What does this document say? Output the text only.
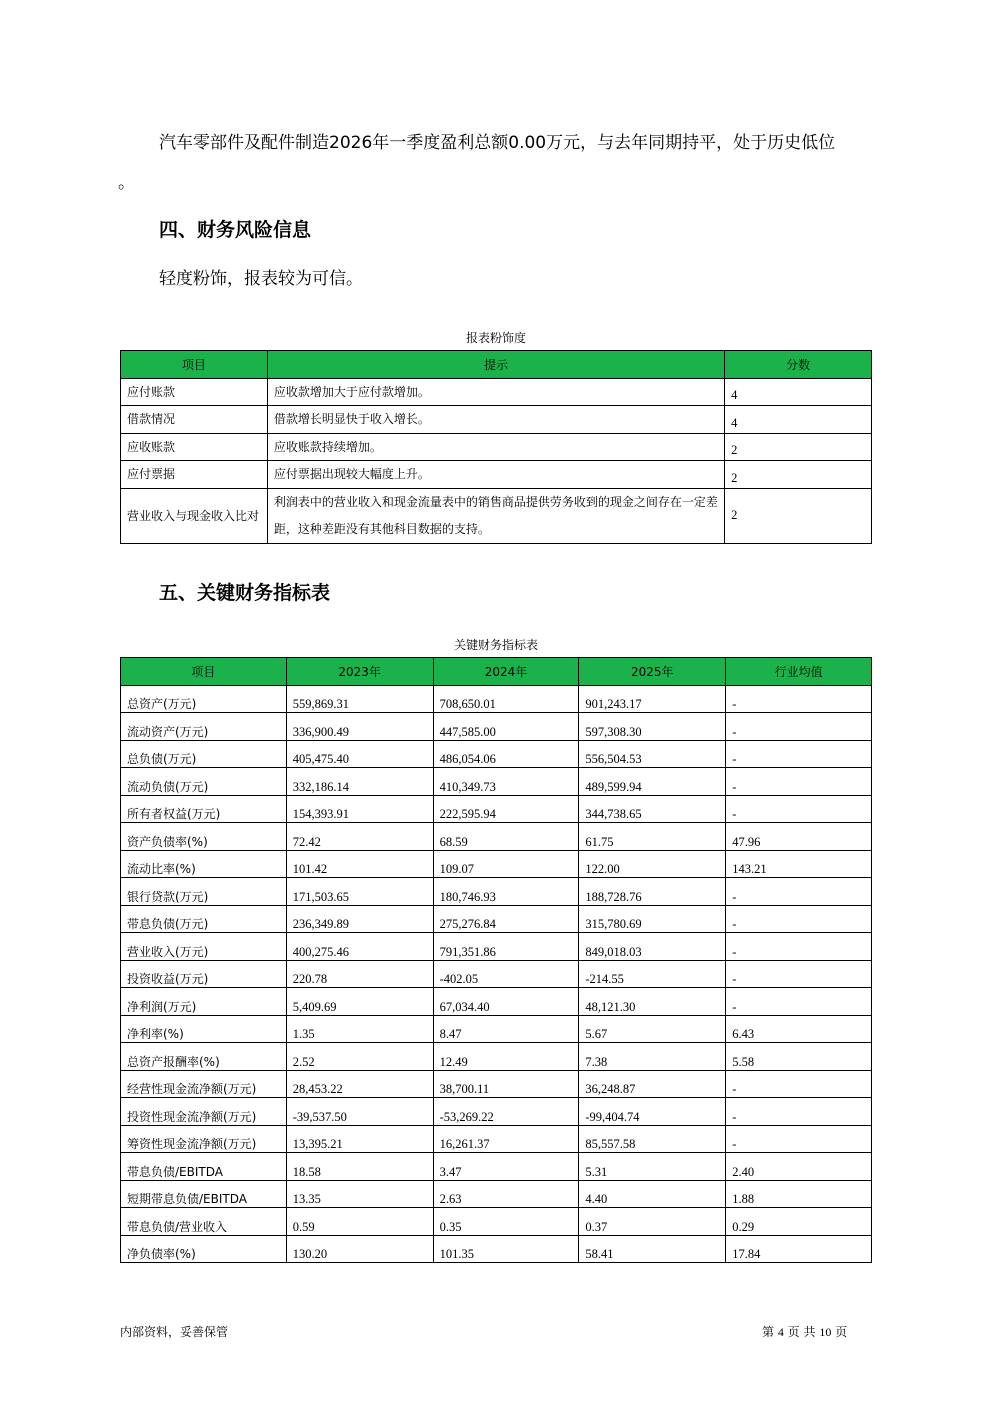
汽车零部件及配件制造2026年一季度盈利总额0.00万元，与去年同期持平，处于历史低位
。
四、财务风险信息
轻度粉饰，报表较为可信。
报表粉饰度
项目	提示	分数
应付账款	应收款增加大于应付款增加。	4
借款情况	借款增长明显快于收入增长。	4
应收账款	应收账款持续增加。	2
应付票据	应付票据出现较大幅度上升。	2
营业收入与现金收入比对	利润表中的营业收入和现金流量表中的销售商品提供劳务收到的现金之间存在一定差距，这种差距没有其他科目数据的支持。	2
五、关键财务指标表
关键财务指标表
项目	2023年	2024年	2025年	行业均值
总资产(万元)	559,869.31	708,650.01	901,243.17	-
流动资产(万元)	336,900.49	447,585.00	597,308.30	-
总负债(万元)	405,475.40	486,054.06	556,504.53	-
流动负债(万元)	332,186.14	410,349.73	489,599.94	-
所有者权益(万元)	154,393.91	222,595.94	344,738.65	-
资产负债率(%)	72.42	68.59	61.75	47.96
流动比率(%)	101.42	109.07	122.00	143.21
银行贷款(万元)	171,503.65	180,746.93	188,728.76	-
带息负债(万元)	236,349.89	275,276.84	315,780.69	-
营业收入(万元)	400,275.46	791,351.86	849,018.03	-
投资收益(万元)	220.78	-402.05	-214.55	-
净利润(万元)	5,409.69	67,034.40	48,121.30	-
净利率(%)	1.35	8.47	5.67	6.43
总资产报酬率(%)	2.52	12.49	7.38	5.58
经营性现金流净额(万元)	28,453.22	38,700.11	36,248.87	-
投资性现金流净额(万元)	-39,537.50	-53,269.22	-99,404.74	-
筹资性现金流净额(万元)	13,395.21	16,261.37	85,557.58	-
带息负债/EBITDA	18.58	3.47	5.31	2.40
短期带息负债/EBITDA	13.35	2.63	4.40	1.88
带息负债/营业收入	0.59	0.35	0.37	0.29
净负债率(%)	130.20	101.35	58.41	17.84
内部资料，妥善保管	第 4 页 共 10 页
